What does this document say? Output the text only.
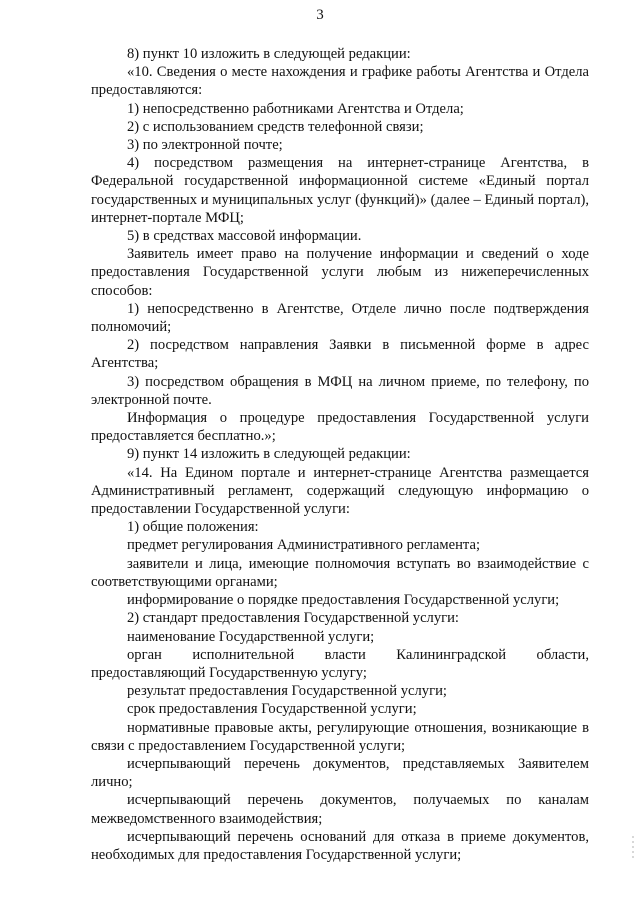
3

8) пункт 10 изложить в следующей редакции:

«10. Сведения о месте нахождения и графике работы Агентства и Отдела предоставляются:

1) непосредственно работниками Агентства и Отдела;

2) с использованием средств телефонной связи;

3) по электронной почте;

4) посредством размещения на интернет-странице Агентства, в Федеральной государственной информационной системе «Единый портал государственных и муниципальных услуг (функций)» (далее – Единый портал), интернет-портале МФЦ;

5) в средствах массовой информации.

Заявитель имеет право на получение информации и сведений о ходе предоставления Государственной услуги любым из нижеперечисленных способов:

1) непосредственно в Агентстве, Отделе лично после подтверждения полномочий;

2) посредством направления Заявки в письменной форме в адрес Агентства;

3) посредством обращения в МФЦ на личном приеме, по телефону, по электронной почте.

Информация о процедуре предоставления Государственной услуги предоставляется бесплатно.»;

9) пункт 14 изложить в следующей редакции:

«14. На Едином портале и интернет-странице Агентства размещается Административный регламент, содержащий следующую информацию о предоставлении Государственной услуги:

1) общие положения:

предмет регулирования Административного регламента;

заявители и лица, имеющие полномочия вступать во взаимодействие с соответствующими органами;

информирование о порядке предоставления Государственной услуги;

2) стандарт предоставления Государственной услуги:

наименование Государственной услуги;

орган исполнительной власти Калининградской области, предоставляющий Государственную услугу;

результат предоставления Государственной услуги;

срок предоставления Государственной услуги;

нормативные правовые акты, регулирующие отношения, возникающие в связи с предоставлением Государственной услуги;

исчерпывающий перечень документов, представляемых Заявителем лично;

исчерпывающий перечень документов, получаемых по каналам межведомственного взаимодействия;

исчерпывающий перечень оснований для отказа в приеме документов, необходимых для предоставления Государственной услуги;
